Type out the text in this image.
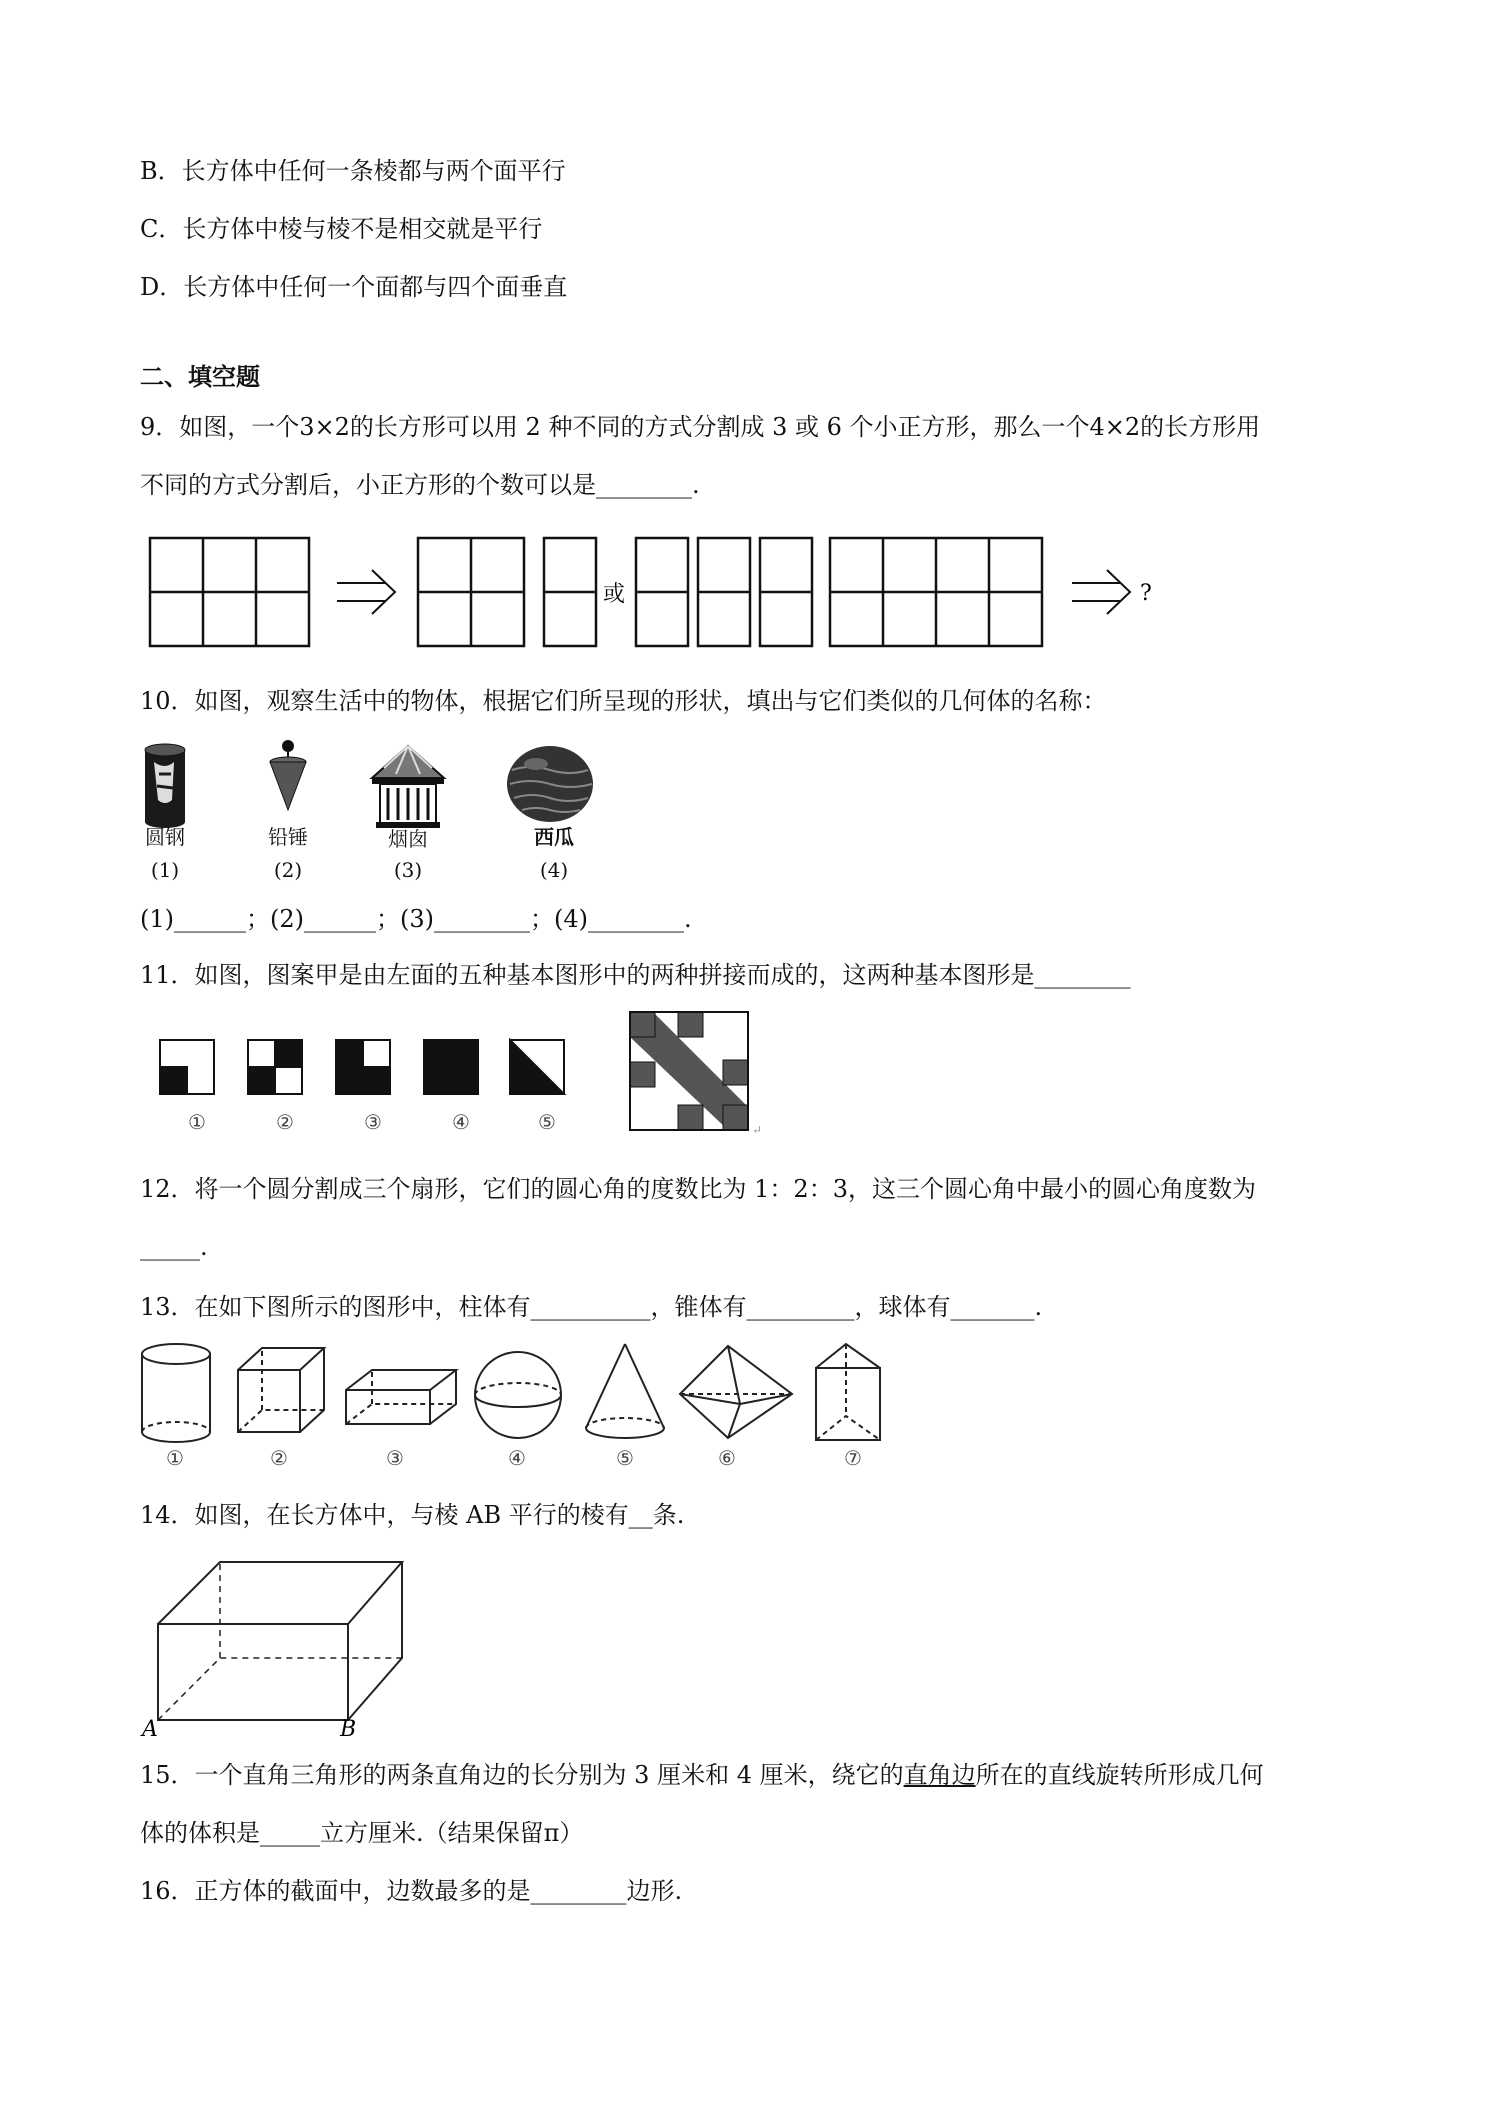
B．长方体中任何一条棱都与两个面平行
C．长方体中棱与棱不是相交就是平行
D．长方体中任何一个面都与四个面垂直
二、填空题
9．如图，一个3×2的长方形可以用 2 种不同的方式分割成 3 或 6 个小正方形，那么一个4×2的长方形用
不同的方式分割后，小正方形的个数可以是________.
或	?
10．如图，观察生活中的物体，根据它们所呈现的形状，填出与它们类似的几何体的名称：
圆钢	铅锤	烟囱	西瓜
(1)	(2)	(3)	(4)
(1)______；(2)______；(3)________；(4)________.
11．如图，图案甲是由左面的五种基本图形中的两种拼接而成的，这两种基本图形是________
↵
①	②	③	④	⑤
12．将一个圆分割成三个扇形，它们的圆心角的度数比为 1：2：3，这三个圆心角中最小的圆心角度数为
_____.
13．在如下图所示的图形中，柱体有__________，锥体有_________，球体有_______.
①	②	③	④	⑤	⑥	⑦
14．如图，在长方体中，与棱 AB 平行的棱有__条.
A	B
15．一个直角三角形的两条直角边的长分别为 3 厘米和 4 厘米，绕它的直角边所在的直线旋转所形成几何
体的体积是_____立方厘米.（结果保留π）
16．正方体的截面中，边数最多的是________边形.
